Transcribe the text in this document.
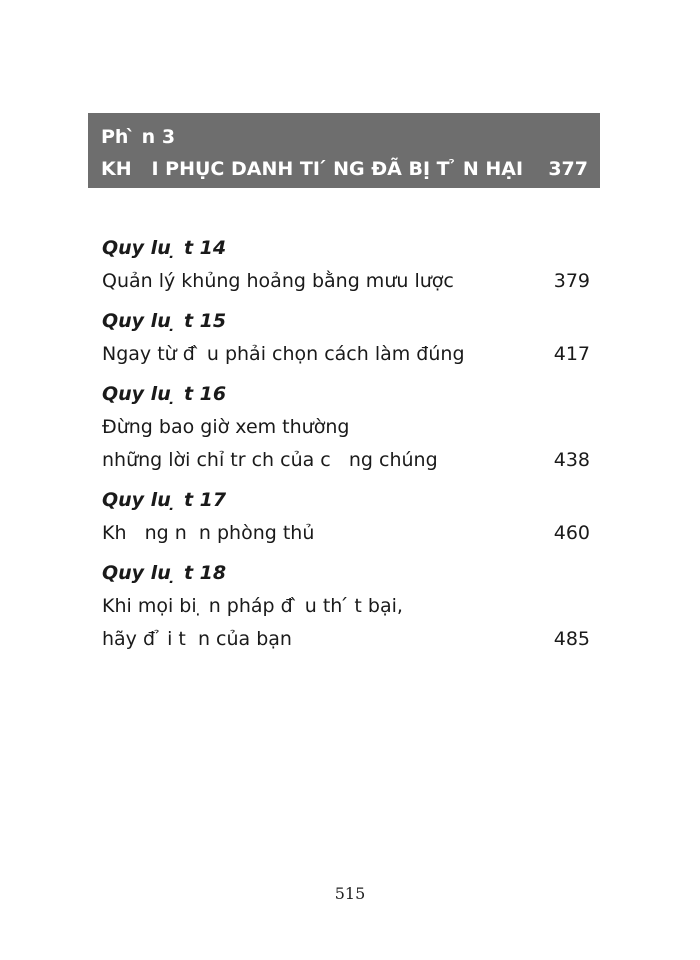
Ph ̀ n 3
KH   I PHỤC DANH TI ́ NG ĐÃ BỊ T ̉ N HẠI 377
Quy lu ̣ t 14
Quản lý khủng hoảng bằng mưu lược	379
Quy lu ̣ t 15
Ngay từ đ ̀ u phải chọn cách làm đúng	417
Quy lu ̣ t 16
Đừng bao giờ xem thường
những lời chỉ tr ch của c   ng chúng	438
Quy lu ̣ t 17
Kh   ng n  n phòng thủ	460
Quy lu ̣ t 18
Khi mọi bi ̣ n pháp đ ̀ u th ́ t bại,
hãy đ ̉ i t  n của bạn	485
515
